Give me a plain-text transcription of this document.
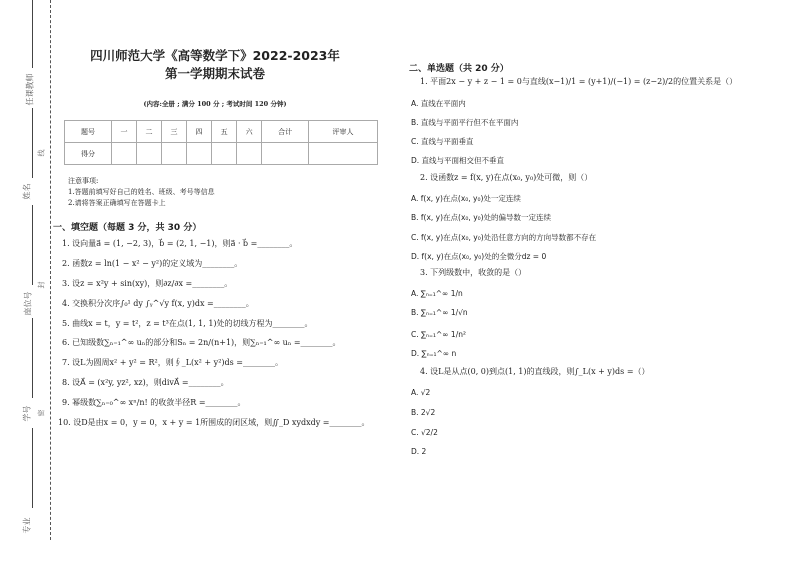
任课教师
姓名
座位号
学号
专业
线
封
密
四川师范大学《高等数学下》2022-2023年
第一学期期末试卷
(内容:全册 ; 满分 100 分 ; 考试时间 120 分钟)
题号	一	二	三	四	五	六	合计	评审人
得分								
注意事项:
1.答题前填写好自己的姓名、班级、考号等信息
2.请将答案正确填写在答题卡上
一、填空题（每题 3 分，共 30 分）
1. 设向量a⃗ = (1, −2, 3)，b⃗ = (2, 1, −1)，则a⃗ · b⃗ =________。
2. 函数z = ln(1 − x² − y²)的定义域为________。
3. 设z = x²y + sin(xy)，则∂z/∂x =________。
4. 交换积分次序∫₀¹ dy ∫ᵧ^√y f(x, y)dx =________。
5. 曲线x = t，y = t²，z = t³在点(1, 1, 1)处的切线方程为________。
6. 已知级数∑ₙ₌₁^∞ uₙ的部分和Sₙ = 2n/(n+1)，则∑ₙ₌₁^∞ uₙ =________。
7. 设L为圆周x² + y² = R²，则∮_L(x² + y²)ds =________。
8. 设A⃗ = (x²y, yz², xz)，则divA⃗ =________。
9. 幂级数∑ₙ₌₀^∞ xⁿ/n! 的收敛半径R =________。
10. 设D是由x = 0，y = 0，x + y = 1所围成的闭区域，则∬_D xydxdy =________。
二、单选题（共 20 分）
1. 平面2x − y + z − 1 = 0与直线(x−1)/1 = (y+1)/(−1) = (z−2)/2的位置关系是（）
A. 直线在平面内
B. 直线与平面平行但不在平面内
C. 直线与平面垂直
D. 直线与平面相交但不垂直
2. 设函数z = f(x, y)在点(x₀, y₀)处可微，则（）
A. f(x, y)在点(x₀, y₀)处一定连续
B. f(x, y)在点(x₀, y₀)处的偏导数一定连续
C. f(x, y)在点(x₀, y₀)处沿任意方向的方向导数都不存在
D. f(x, y)在点(x₀, y₀)处的全微分dz = 0
3. 下列级数中，收敛的是（）
A. ∑ₙ₌₁^∞ 1/n
B. ∑ₙ₌₁^∞ 1/√n
C. ∑ₙ₌₁^∞ 1/n²
D. ∑ₙ₌₁^∞ n
4. 设L是从点(0, 0)到点(1, 1)的直线段，则∫_L(x + y)ds =（）
A. √2
B. 2√2
C. √2/2
D. 2
